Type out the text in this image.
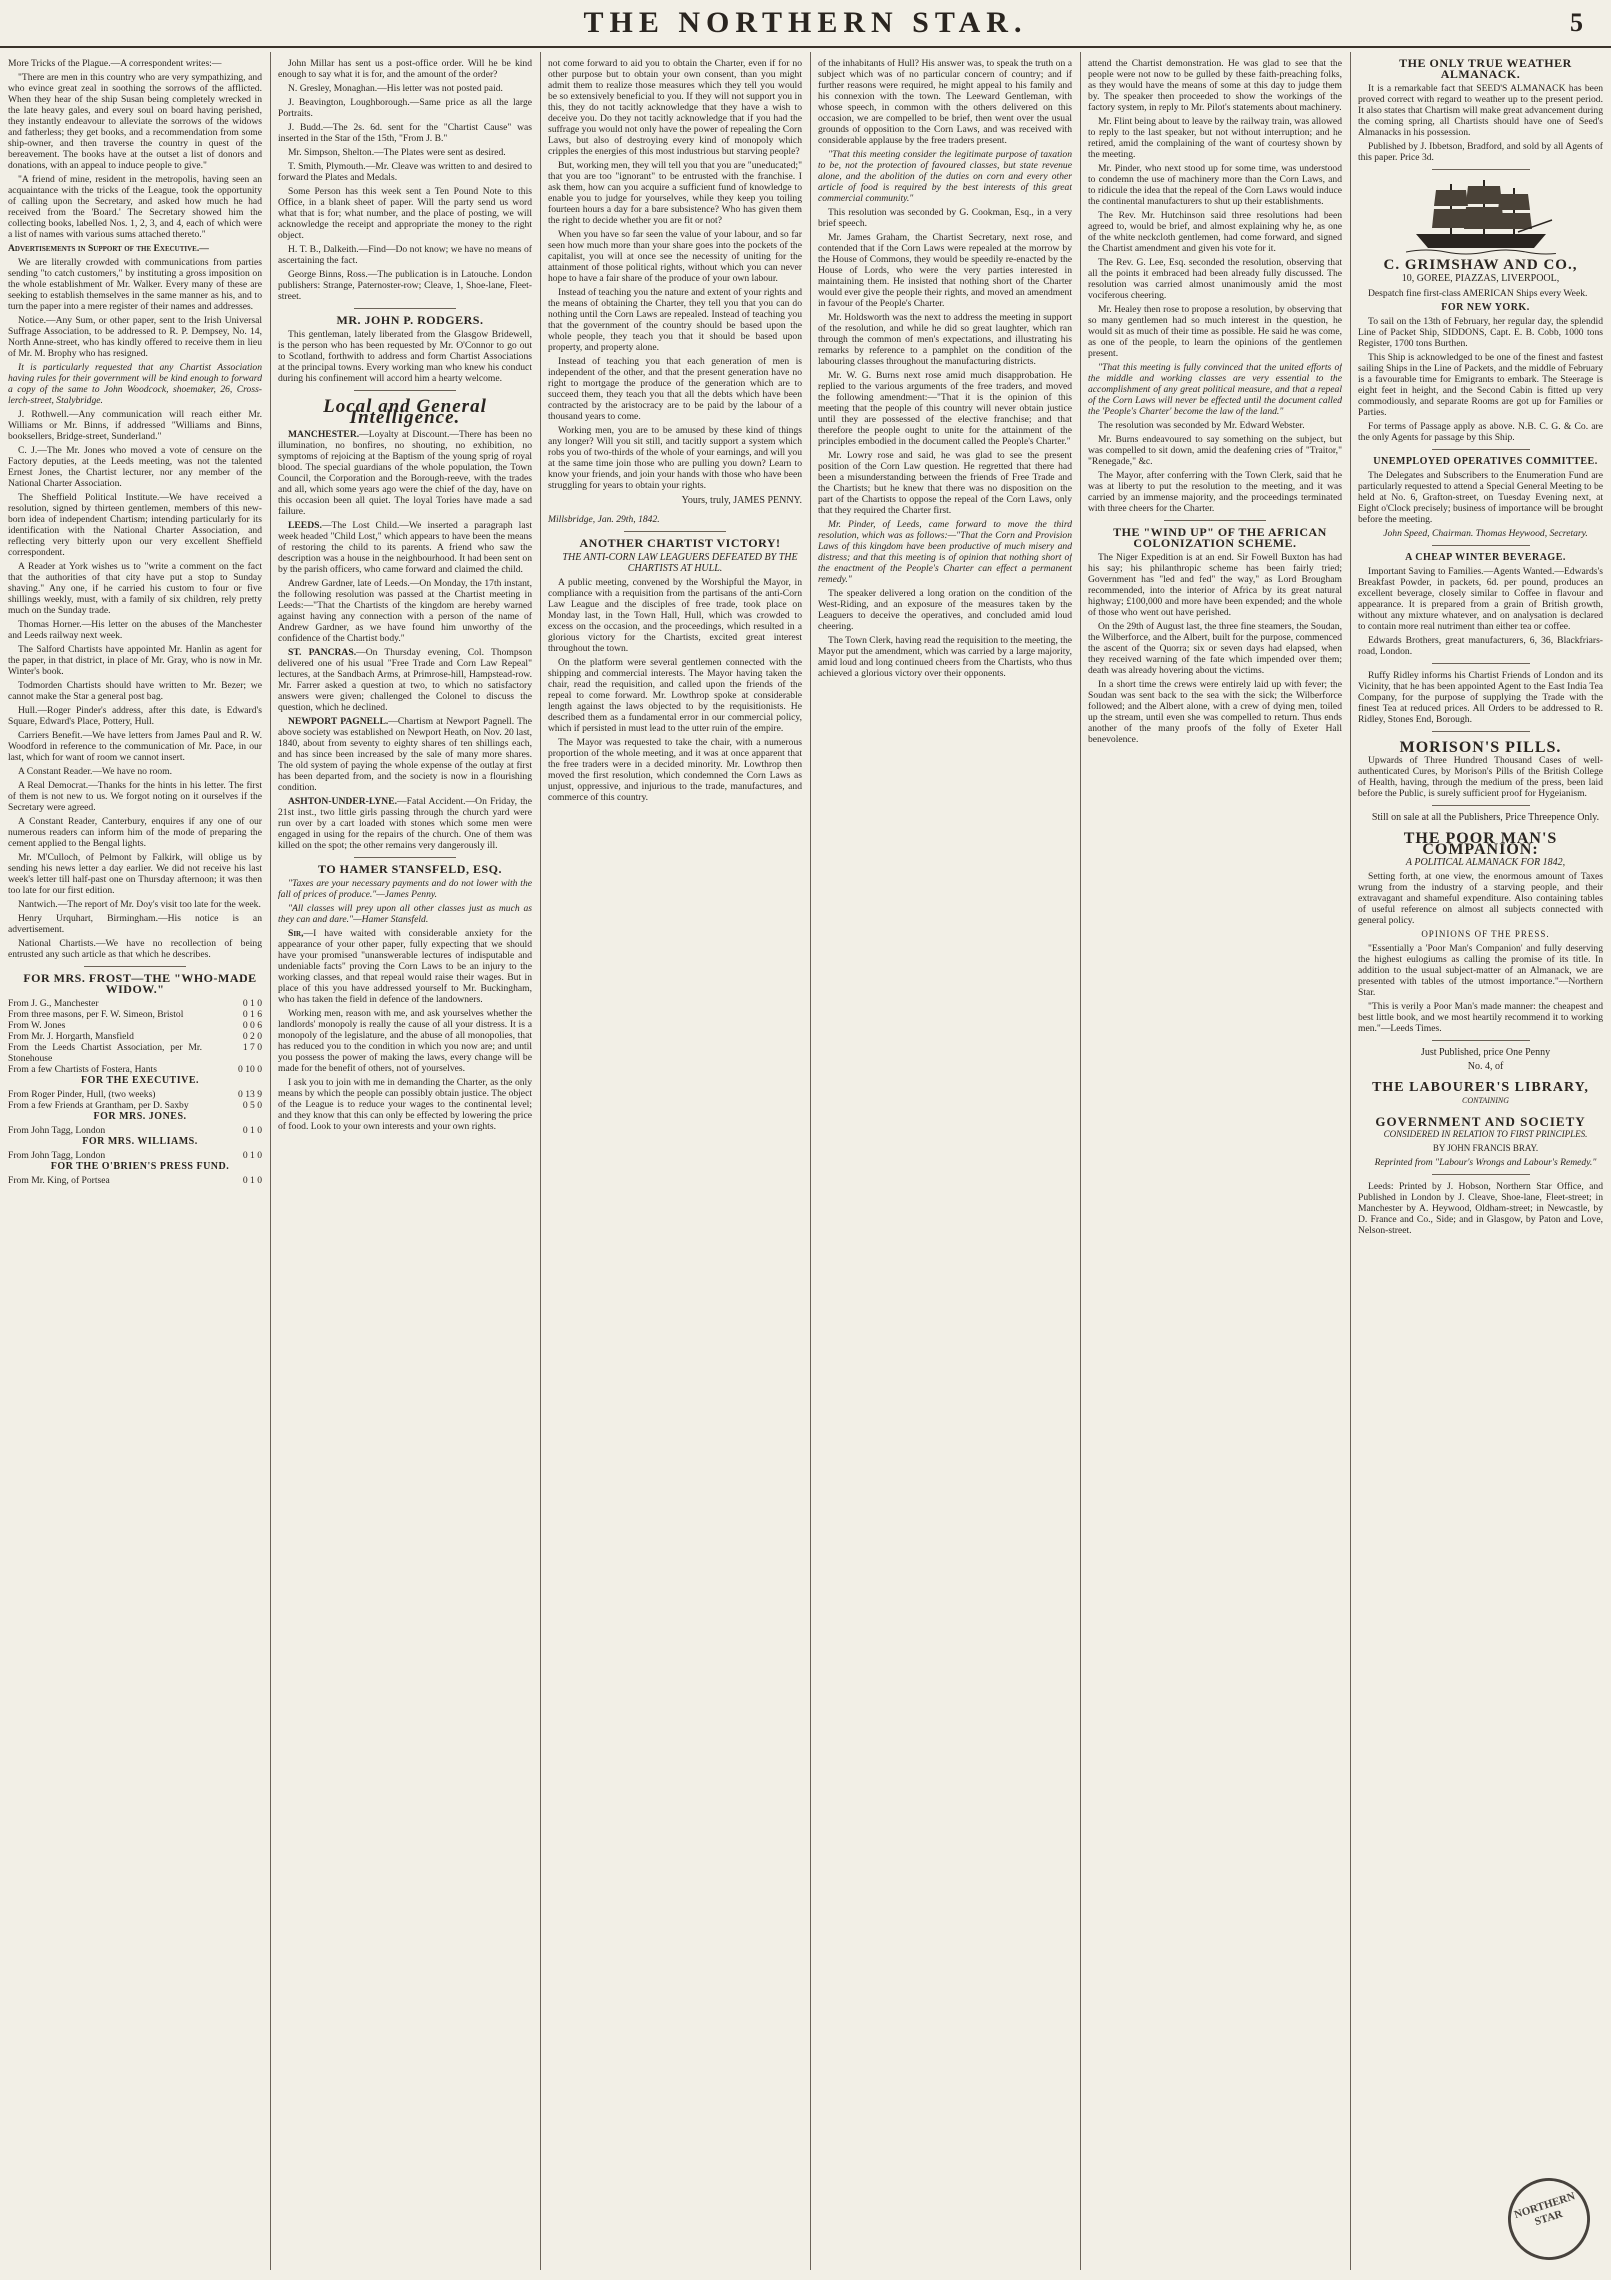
THE NORTHERN STAR.	5

More Tricks of the Plague.—A correspondent writes:—

"There are men in this country who are very sympathizing, and who evince great zeal in soothing the sorrows of the afflicted. When they hear of the ship Susan being completely wrecked in the late heavy gales, and every soul on board having perished, they instantly endeavour to alleviate the sorrows of the widows and fatherless; they get books, and a recommendation from some ship-owner, and then traverse the country in quest of the bereavement. The books have at the outset a list of donors and donations, with an appeal to induce people to give."

"A friend of mine, resident in the metropolis, having seen an acquaintance with the tricks of the League, took the opportunity of calling upon the Secretary, and asked how much he had received from the 'Board.' The Secretary showed him the collecting books, labelled Nos. 1, 2, 3, and 4, each of which were a list of names with various sums attached thereto."

Advertisements in Support of the Executive.—

We are literally crowded with communications from parties sending "to catch customers," by instituting a gross imposition on the whole establishment of Mr. Walker. Every many of these are seeking to establish themselves in the same manner as his, and to turn the paper into a mere register of their names and addresses.

Notice.—Any Sum, or other paper, sent to the Irish Universal Suffrage Association, to be addressed to R. P. Dempsey, No. 14, North Anne-street, who has kindly offered to receive them in lieu of Mr. M. Brophy who has resigned.

It is particularly requested that any Chartist Association having rules for their government will be kind enough to forward a copy of the same to John Woodcock, shoemaker, 26, Cross-lerch-street, Stalybridge.

J. Rothwell.—Any communication will reach either Mr. Williams or Mr. Binns, if addressed "Williams and Binns, booksellers, Bridge-street, Sunderland."

C. J.—The Mr. Jones who moved a vote of censure on the Factory deputies, at the Leeds meeting, was not the talented Ernest Jones, the Chartist lecturer, nor any member of the National Charter Association.

The Sheffield Political Institute.—We have received a resolution, signed by thirteen gentlemen, members of this new-born idea of independent Chartism; intending particularly for its identification with the National Charter Association, and reflecting very bitterly upon our very excellent Sheffield correspondent.

A Reader at York wishes us to "write a comment on the fact that the authorities of that city have put a stop to Sunday shaving." Any one, if he carried his custom to four or five shillings weekly, must, with a family of six children, rely pretty much on the Sunday trade.

Thomas Horner.—His letter on the abuses of the Manchester and Leeds railway next week.

The Salford Chartists have appointed Mr. Hanlin as agent for the paper, in that district, in place of Mr. Gray, who is now in Mr. Winter's book.

Todmorden Chartists should have written to Mr. Bezer; we cannot make the Star a general post bag.

Hull.—Roger Pinder's address, after this date, is Edward's Square, Edward's Place, Pottery, Hull.

Carriers Benefit.—We have letters from James Paul and R. W. Woodford in reference to the communication of Mr. Pace, in our last, which for want of room we cannot insert.

A Constant Reader.—We have no room.

A Real Democrat.—Thanks for the hints in his letter. The first of them is not new to us. We forgot noting on it ourselves if the Secretary were agreed.

A Constant Reader, Canterbury, enquires if any one of our numerous readers can inform him of the mode of preparing the cement applied to the Bengal lights.

Mr. M'Culloch, of Pelmont by Falkirk, will oblige us by sending his news letter a day earlier. We did not receive his last week's letter till half-past one on Thursday afternoon; it was then too late for our first edition.

Nantwich.—The report of Mr. Doy's visit too late for the week.

Henry Urquhart, Birmingham.—His notice is an advertisement.

National Chartists.—We have no recollection of being entrusted any such article as that which he describes.

FOR MRS. FROST—THE "WHO-MADE WIDOW."

From J. G., Manchester	0 1 0
From three masons, per F. W. Simeon, Bristol	0 1 6
From W. Jones	0 0 6
From Mr. J. Horgarth, Mansfield	0 2 0
From the Leeds Chartist Association, per Mr. Stonehouse	1 7 0
From a few Chartists of Fostera, Hants	0 10 0

FOR THE EXECUTIVE.

From Roger Pinder, Hull, (two weeks)	0 13 9
From a few Friends at Grantham, per D. Saxby	0 5 0

FOR MRS. JONES.

From John Tagg, London	0 1 0

FOR MRS. WILLIAMS.

From John Tagg, London	0 1 0

FOR THE O'BRIEN'S PRESS FUND.

From Mr. King, of Portsea	0 1 0

John Millar has sent us a post-office order. Will he be kind enough to say what it is for, and the amount of the order?

N. Gresley, Monaghan.—His letter was not posted paid.

J. Beavington, Loughborough.—Same price as all the large Portraits.

J. Budd.—The 2s. 6d. sent for the "Chartist Cause" was inserted in the Star of the 15th, "From J. B."

Mr. Simpson, Shelton.—The Plates were sent as desired.

T. Smith, Plymouth.—Mr. Cleave was written to and desired to forward the Plates and Medals.

Some Person has this week sent a Ten Pound Note to this Office, in a blank sheet of paper. Will the party send us word what that is for; what number, and the place of posting, we will acknowledge the receipt and appropriate the money to the right object.

H. T. B., Dalkeith.—Find—Do not know; we have no means of ascertaining the fact.

George Binns, Ross.—The publication is in Latouche. London publishers: Strange, Paternoster-row; Cleave, 1, Shoe-lane, Fleet-street.

MR. JOHN P. RODGERS.

This gentleman, lately liberated from the Glasgow Bridewell, is the person who has been requested by Mr. O'Connor to go out to Scotland, forthwith to address and form Chartist Associations at the principal towns. Every working man who knew his conduct during his confinement will accord him a hearty welcome.

Local and General Intelligence.

MANCHESTER.—Loyalty at Discount.—There has been no illumination, no bonfires, no shouting, no exhibition, no symptoms of rejoicing at the Baptism of the young sprig of royal blood. The special guardians of the whole population, the Town Council, the Corporation and the Borough-reeve, with the trades and all, which some years ago were the chief of the day, have on this occasion been all quiet. The loyal Tories have made a sad failure.

LEEDS.—The Lost Child.—We inserted a paragraph last week headed "Child Lost," which appears to have been the means of restoring the child to its parents. A friend who saw the description was a house in the neighbourhood. It had been sent on by the parish officers, who came forward and claimed the child.

Andrew Gardner, late of Leeds.—On Monday, the 17th instant, the following resolution was passed at the Chartist meeting in Leeds:—"That the Chartists of the kingdom are hereby warned against having any connection with a person of the name of Andrew Gardner, as we have found him unworthy of the confidence of the Chartist body."

ST. PANCRAS.—On Thursday evening, Col. Thompson delivered one of his usual "Free Trade and Corn Law Repeal" lectures, at the Sandbach Arms, at Primrose-hill, Hampstead-row. Mr. Farrer asked a question at two, to which no satisfactory answers were given; challenged the Colonel to discuss the question, which he declined.

NEWPORT PAGNELL.—Chartism at Newport Pagnell. The above society was established on Newport Heath, on Nov. 20 last, 1840, about from seventy to eighty shares of ten shillings each, and has since been increased by the sale of many more shares. The old system of paying the whole expense of the outlay at first has been departed from, and the society is now in a flourishing condition.

ASHTON-UNDER-LYNE.—Fatal Accident.—On Friday, the 21st inst., two little girls passing through the church yard were run over by a cart loaded with stones which some men were engaged in using for the repairs of the church. One of them was killed on the spot; the other remains very dangerously ill.

TO HAMER STANSFELD, ESQ.

"Taxes are your necessary payments and do not lower with the fall of prices of produce."—James Penny.

"All classes will prey upon all other classes just as much as they can and dare."—Hamer Stansfeld.

Sir,—I have waited with considerable anxiety for the appearance of your other paper, fully expecting that we should have your promised "unanswerable lectures of indisputable and undeniable facts" proving the Corn Laws to be an injury to the working classes, and that repeal would raise their wages. But in place of this you have addressed yourself to Mr. Buckingham, who has taken the field in defence of the landowners.

Working men, reason with me, and ask yourselves whether the landlords' monopoly is really the cause of all your distress. It is a monopoly of the legislature, and the abuse of all monopolies, that has reduced you to the condition in which you now are; and until you possess the power of making the laws, every change will be made for the benefit of others, not of yourselves.

I ask you to join with me in demanding the Charter, as the only means by which the people can possibly obtain justice. The object of the League is to reduce your wages to the continental level; and they know that this can only be effected by lowering the price of food. Look to your own interests and your own rights.

not come forward to aid you to obtain the Charter, even if for no other purpose but to obtain your own consent, than you might admit them to realize those measures which they tell you would be so extensively beneficial to you. If they will not support you in this, they do not tacitly acknowledge that they have a wish to deceive you. Do they not tacitly acknowledge that if you had the suffrage you would not only have the power of repealing the Corn Laws, but also of destroying every kind of monopoly which cripples the energies of this most industrious but starving people?

But, working men, they will tell you that you are "uneducated;" that you are too "ignorant" to be entrusted with the franchise. I ask them, how can you acquire a sufficient fund of knowledge to enable you to judge for yourselves, while they keep you toiling fourteen hours a day for a bare subsistence? Who has given them the right to decide whether you are fit or not?

When you have so far seen the value of your labour, and so far seen how much more than your share goes into the pockets of the capitalist, you will at once see the necessity of uniting for the attainment of those political rights, without which you can never hope to have a fair share of the produce of your own labour.

Instead of teaching you the nature and extent of your rights and the means of obtaining the Charter, they tell you that you can do nothing until the Corn Laws are repealed. Instead of teaching you that the government of the country should be based upon the whole people, they teach you that it should be based upon property, and property alone.

Instead of teaching you that each generation of men is independent of the other, and that the present generation have no right to mortgage the produce of the generation which are to succeed them, they teach you that all the debts which have been contracted by the aristocracy are to be paid by the labour of a thousand years to come.

Working men, you are to be amused by these kind of things any longer? Will you sit still, and tacitly support a system which robs you of two-thirds of the whole of your earnings, and will you at the same time join those who are pulling you down? Learn to know your friends, and join your hands with those who have been struggling for years to obtain your rights.

Yours, truly, JAMES PENNY.

Millsbridge, Jan. 29th, 1842.

ANOTHER CHARTIST VICTORY!

THE ANTI-CORN LAW LEAGUERS DEFEATED BY THE CHARTISTS AT HULL.

A public meeting, convened by the Worshipful the Mayor, in compliance with a requisition from the partisans of the anti-Corn Law League and the disciples of free trade, took place on Monday last, in the Town Hall, Hull, which was crowded to excess on the occasion, and the proceedings, which resulted in a glorious victory for the Chartists, excited great interest throughout the town.

On the platform were several gentlemen connected with the shipping and commercial interests. The Mayor having taken the chair, read the requisition, and called upon the friends of the repeal to come forward. Mr. Lowthrop spoke at considerable length against the laws objected to by the requisitionists. He described them as a fundamental error in our commercial policy, which if persisted in must lead to the utter ruin of the empire.

The Mayor was requested to take the chair, with a numerous proportion of the whole meeting, and it was at once apparent that the free traders were in a decided minority. Mr. Lowthrop then moved the first resolution, which condemned the Corn Laws as unjust, oppressive, and injurious to the trade, manufactures, and commerce of this country.

of the inhabitants of Hull? His answer was, to speak the truth on a subject which was of no particular concern of country; and if further reasons were required, he might appeal to his family and his connexion with the town. The Leeward Gentleman, with whose speech, in common with the others delivered on this occasion, we are compelled to be brief, then went over the usual grounds of opposition to the Corn Laws, and was received with considerable applause by the free traders present.

"That this meeting consider the legitimate purpose of taxation to be, not the protection of favoured classes, but state revenue alone, and the abolition of the duties on corn and every other article of food is required by the best interests of this great commercial community."

This resolution was seconded by G. Cookman, Esq., in a very brief speech.

Mr. James Graham, the Chartist Secretary, next rose, and contended that if the Corn Laws were repealed at the morrow by the House of Commons, they would be speedily re-enacted by the House of Lords, who were the very parties interested in maintaining them. He insisted that nothing short of the Charter would ever give the people their rights, and moved an amendment in favour of the People's Charter.

Mr. Holdsworth was the next to address the meeting in support of the resolution, and while he did so great laughter, which ran through the common of men's expectations, and illustrating his remarks by reference to a pamphlet on the condition of the labouring classes throughout the manufacturing districts.

Mr. W. G. Burns next rose amid much disapprobation. He replied to the various arguments of the free traders, and moved the following amendment:—"That it is the opinion of this meeting that the people of this country will never obtain justice until they are possessed of the elective franchise; and that therefore the people ought to unite for the attainment of the principles embodied in the document called the People's Charter."

Mr. Lowry rose and said, he was glad to see the present position of the Corn Law question. He regretted that there had been a misunderstanding between the friends of Free Trade and the Chartists; but he knew that there was no disposition on the part of the Chartists to oppose the repeal of the Corn Laws, only that they required the Charter first.

Mr. Pinder, of Leeds, came forward to move the third resolution, which was as follows:—"That the Corn and Provision Laws of this kingdom have been productive of much misery and distress; and that this meeting is of opinion that nothing short of the enactment of the People's Charter can effect a permanent remedy."

The speaker delivered a long oration on the condition of the West-Riding, and an exposure of the measures taken by the Leaguers to deceive the operatives, and concluded amid loud cheering.

The Town Clerk, having read the requisition to the meeting, the Mayor put the amendment, which was carried by a large majority, amid loud and long continued cheers from the Chartists, who thus achieved a glorious victory over their opponents.

attend the Chartist demonstration. He was glad to see that the people were not now to be gulled by these faith-preaching folks, as they would have the means of some at this day to judge them by. The speaker then proceeded to show the workings of the factory system, in reply to Mr. Pilot's statements about machinery.

Mr. Flint being about to leave by the railway train, was allowed to reply to the last speaker, but not without interruption; and he retired, amid the complaining of the want of courtesy shown by the meeting.

Mr. Pinder, who next stood up for some time, was understood to condemn the use of machinery more than the Corn Laws, and to ridicule the idea that the repeal of the Corn Laws would induce the continental manufacturers to shut up their establishments.

The Rev. Mr. Hutchinson said three resolutions had been agreed to, would be brief, and almost explaining why he, as one of the white neckcloth gentlemen, had come forward, and signed the Chartist amendment and given his vote for it.

The Rev. G. Lee, Esq. seconded the resolution, observing that all the points it embraced had been already fully discussed. The resolution was carried almost unanimously amid the most vociferous cheering.

Mr. Healey then rose to propose a resolution, by observing that so many gentlemen had so much interest in the question, he would sit as much of their time as possible. He said he was come, as one of the people, to learn the opinions of the gentlemen present.

"That this meeting is fully convinced that the united efforts of the middle and working classes are very essential to the accomplishment of any great political measure, and that a repeal of the Corn Laws will never be effected until the document called the 'People's Charter' become the law of the land."

The resolution was seconded by Mr. Edward Webster.

Mr. Burns endeavoured to say something on the subject, but was compelled to sit down, amid the deafening cries of "Traitor," "Renegade," &c.

The Mayor, after conferring with the Town Clerk, said that he was at liberty to put the resolution to the meeting, and it was carried by an immense majority, and the proceedings terminated with three cheers for the Charter.

THE "WIND UP" OF THE AFRICAN COLONIZATION SCHEME.

The Niger Expedition is at an end. Sir Fowell Buxton has had his say; his philanthropic scheme has been fairly tried; Government has "led and fed" the way," as Lord Brougham recommended, into the interior of Africa by its great natural highway; £100,000 and more have been expended; and the whole of those who went out have perished.

On the 29th of August last, the three fine steamers, the Soudan, the Wilberforce, and the Albert, built for the purpose, commenced the ascent of the Quorra; six or seven days had elapsed, when they received warning of the fate which impended over them; death was already hovering about the victims.

In a short time the crews were entirely laid up with fever; the Soudan was sent back to the sea with the sick; the Wilberforce followed; and the Albert alone, with a crew of dying men, toiled up the stream, until even she was compelled to return. Thus ends another of the many proofs of the folly of Exeter Hall benevolence.

THE ONLY TRUE WEATHER ALMANACK.

It is a remarkable fact that SEED'S ALMANACK has been proved correct with regard to weather up to the present period. It also states that Chartism will make great advancement during the coming spring, all Chartists should have one of Seed's Almanacks in his possession.

Published by J. Ibbetson, Bradford, and sold by all Agents of this paper. Price 3d.

C. GRIMSHAW AND CO.,
10, GOREE, PIAZZAS, LIVERPOOL,

Despatch fine first-class AMERICAN Ships every Week.

FOR NEW YORK.

To sail on the 13th of February, her regular day, the splendid Line of Packet Ship, SIDDONS, Capt. E. B. Cobb, 1000 tons Register, 1700 tons Burthen.

This Ship is acknowledged to be one of the finest and fastest sailing Ships in the Line of Packets, and the middle of February is a favourable time for Emigrants to embark. The Steerage is eight feet in height, and the Second Cabin is fitted up very commodiously, and separate Rooms are got up for Families or Parties.

For terms of Passage apply as above. N.B. C. G. & Co. are the only Agents for passage by this Ship.

UNEMPLOYED OPERATIVES COMMITTEE.

The Delegates and Subscribers to the Enumeration Fund are particularly requested to attend a Special General Meeting to be held at No. 6, Grafton-street, on Tuesday Evening next, at Eight o'Clock precisely; business of importance will be brought before the meeting.

John Speed, Chairman. Thomas Heywood, Secretary.

A CHEAP WINTER BEVERAGE.

Important Saving to Families.—Agents Wanted.—Edwards's Breakfast Powder, in packets, 6d. per pound, produces an excellent beverage, closely similar to Coffee in flavour and appearance. It is prepared from a grain of British growth, without any mixture whatever, and on analysation is declared to contain more real nutriment than either tea or coffee.

Edwards Brothers, great manufacturers, 6, 36, Blackfriars-road, London.

Ruffy Ridley informs his Chartist Friends of London and its Vicinity, that he has been appointed Agent to the East India Tea Company, for the purpose of supplying the Trade with the finest Tea at reduced prices. All Orders to be addressed to R. Ridley, Stones End, Borough.

MORISON'S PILLS.

Upwards of Three Hundred Thousand Cases of well-authenticated Cures, by Morison's Pills of the British College of Health, having, through the medium of the press, been laid before the Public, is surely sufficient proof for Hygeianism.

Still on sale at all the Publishers, Price Threepence Only.

THE POOR MAN'S COMPANION:

A POLITICAL ALMANACK FOR 1842,

Setting forth, at one view, the enormous amount of Taxes wrung from the industry of a starving people, and their extravagant and shameful expenditure. Also containing tables of useful reference on almost all subjects connected with general policy.

OPINIONS OF THE PRESS.

"Essentially a 'Poor Man's Companion' and fully deserving the highest eulogiums as calling the promise of its title. In addition to the usual subject-matter of an Almanack, we are presented with tables of the utmost importance."—Northern Star.

"This is verily a Poor Man's made manner: the cheapest and best little book, and we most heartily recommend it to working men."—Leeds Times.

Just Published, price One Penny

No. 4, of

THE LABOURER'S LIBRARY,

CONTAINING

GOVERNMENT AND SOCIETY

CONSIDERED IN RELATION TO FIRST PRINCIPLES.

BY JOHN FRANCIS BRAY.

Reprinted from "Labour's Wrongs and Labour's Remedy."

Leeds: Printed by J. Hobson, Northern Star Office, and Published in London by J. Cleave, Shoe-lane, Fleet-street; in Manchester by A. Heywood, Oldham-street; in Newcastle, by D. France and Co., Side; and in Glasgow, by Paton and Love, Nelson-street.

NORTHERN STAR
